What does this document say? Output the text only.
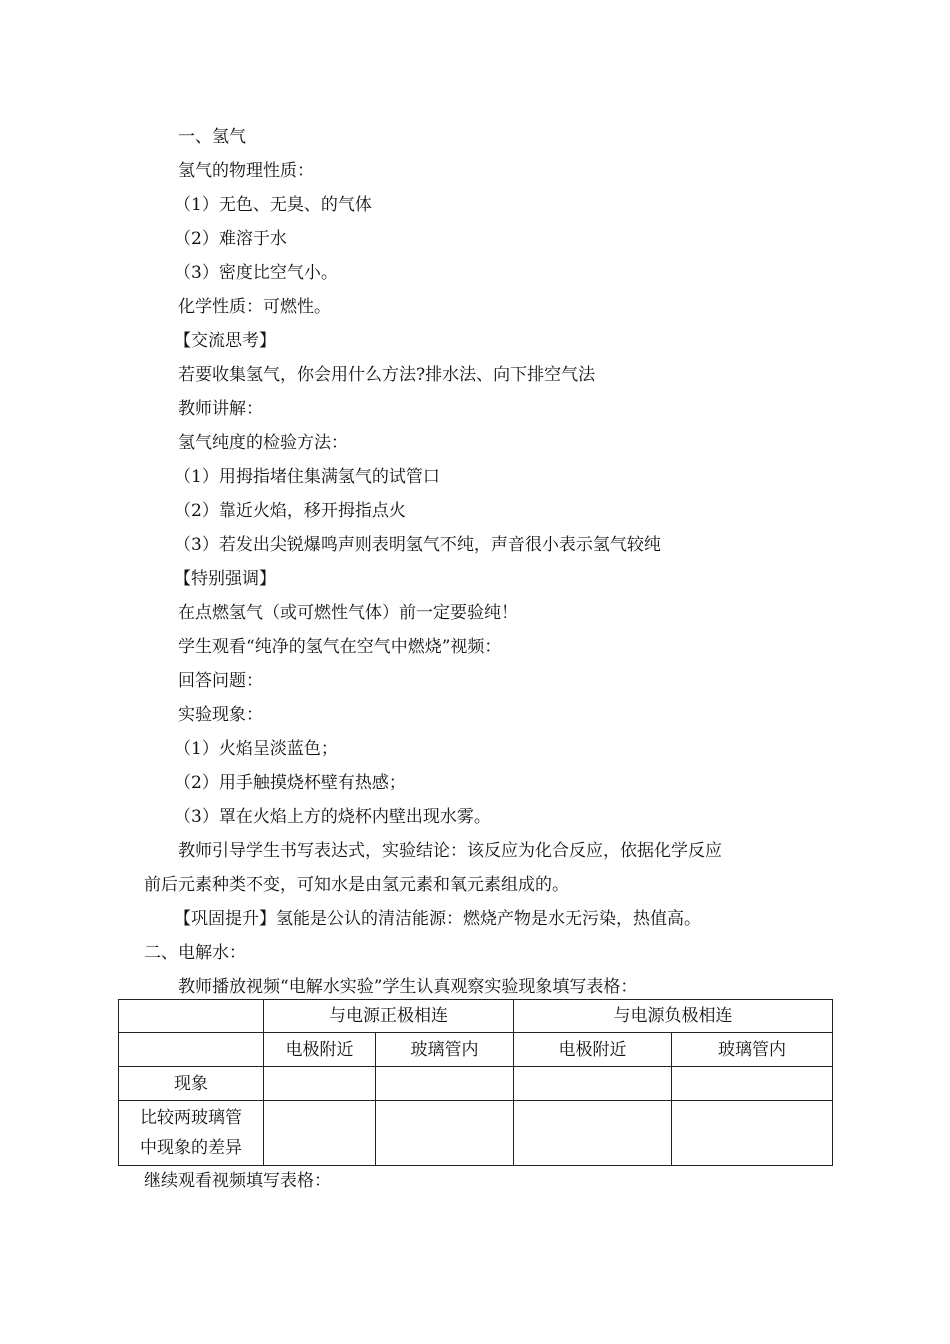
一、氢气
氢气的物理性质：
（1）无色、无臭、的气体
（2）难溶于水
（3）密度比空气小。
化学性质：可燃性。
【交流思考】
若要收集氢气，你会用什么方法?排水法、向下排空气法
教师讲解：
氢气纯度的检验方法：
（1）用拇指堵住集满氢气的试管口
（2）靠近火焰，移开拇指点火
（3）若发出尖锐爆鸣声则表明氢气不纯，声音很小表示氢气较纯
【特别强调】
在点燃氢气（或可燃性气体）前一定要验纯！
学生观看“纯净的氢气在空气中燃烧”视频：
回答问题：
实验现象：
（1）火焰呈淡蓝色；
（2）用手触摸烧杯壁有热感；
（3）罩在火焰上方的烧杯内壁出现水雾。
教师引导学生书写表达式，实验结论：该反应为化合反应，依据化学反应
前后元素种类不变，可知水是由氢元素和氧元素组成的。
【巩固提升】氢能是公认的清洁能源：燃烧产物是水无污染，热值高。
二、电解水：
教师播放视频“电解水实验”学生认真观察实验现象填写表格：
	与电源正极相连		与电源负极相连	
	电极附近	玻璃管内	电极附近	玻璃管内
现象				

比较两玻璃管
中现象的差异				

继续观看视频填写表格：
